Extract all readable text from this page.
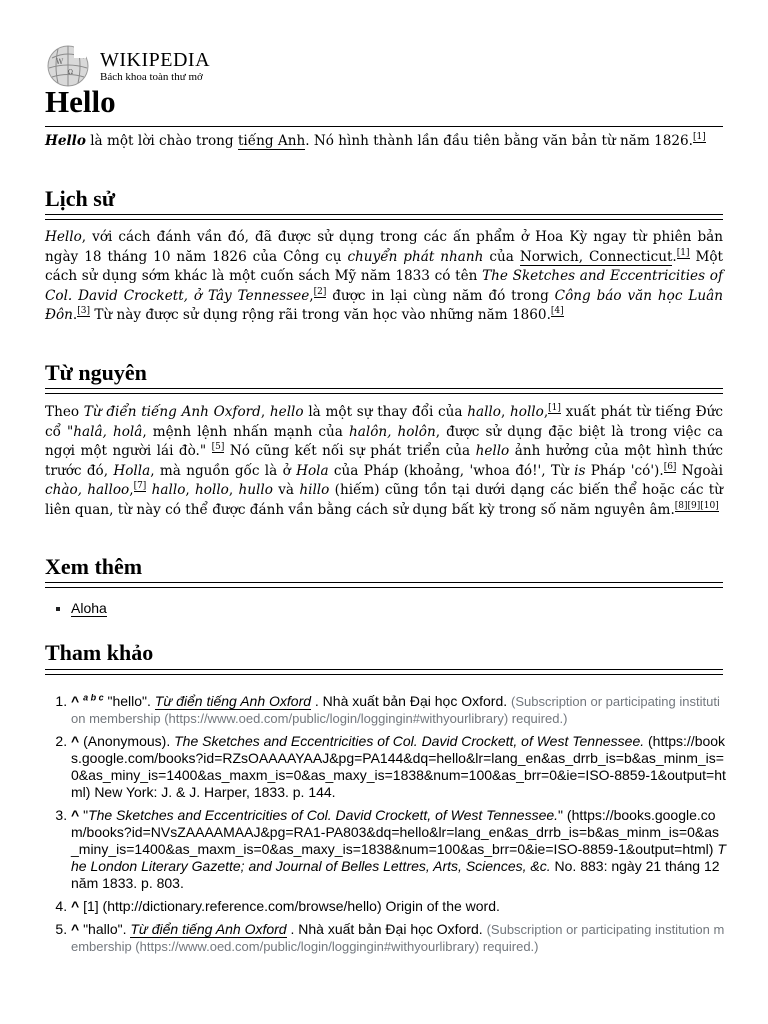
W
Ω
WIKIPEDIA
Bách khoa toàn thư mở
Hello

Hello là một lời chào trong tiếng Anh. Nó hình thành lần đầu tiên bằng văn bản từ năm 1826.[1]

Lịch sử

Hello, với cách đánh vần đó, đã được sử dụng trong các ấn phẩm ở Hoa Kỳ ngay từ phiên bản ngày 18 tháng 10 năm 1826 của Công cụ chuyển phát nhanh của Norwich, Connecticut.[1] Một cách sử dụng sớm khác là một cuốn sách Mỹ năm 1833 có tên The Sketches and Eccentricities of Col. David Crockett, ở Tây Tennessee,[2] được in lại cùng năm đó trong Công báo văn học Luân Đôn.[3] Từ này được sử dụng rộng rãi trong văn học vào những năm 1860.[4]

Từ nguyên

Theo Từ điển tiếng Anh Oxford, hello là một sự thay đổi của hallo, hollo,[1] xuất phát từ tiếng Đức cổ "halâ, holâ, mệnh lệnh nhấn mạnh của halôn, holôn, được sử dụng đặc biệt là trong việc ca ngợi một người lái đò." [5] Nó cũng kết nối sự phát triển của hello ảnh hưởng của một hình thức trước đó, Holla, mà nguồn gốc là ở Hola của Pháp (khoảng, 'whoa đó!', Từ is Pháp 'có').[6] Ngoài chào, halloo,[7] hallo, hollo, hullo và hillo (hiếm) cũng tồn tại dưới dạng các biến thể hoặc các từ liên quan, từ này có thể được đánh vần bằng cách sử dụng bất kỳ trong số năm nguyên âm.[8][9][10]

Xem thêm
▪ Aloha
Tham khảo
1. ^ $^{a b c}$ "hello". Từ điển tiếng Anh Oxford . Nhà xuất bản Đại học Oxford. (Subscription or participating institution membership (https://www.oed.com/public/login/loggingin#withyourlibrary) required.)
2. ^ (Anonymous). The Sketches and Eccentricities of Col. David Crockett, of West Tennessee. (https://books.google.com/books?id=RZsOAAAAYAAJ&pg=PA144&dq=hello&lr=lang_en&as_drrb_is=b&as_minm_is=0&as_miny_is=1400&as_maxm_is=0&as_maxy_is=1838&num=100&as_brr=0&ie=ISO-8859-1&output=html) New York: J. & J. Harper, 1833. p. 144.
3. ^ "The Sketches and Eccentricities of Col. David Crockett, of West Tennessee." (https://books.google.com/books?id=NVsZAAAAMAAJ&pg=RA1-PA803&dq=hello&lr=lang_en&as_drrb_is=b&as_minm_is=0&as_miny_is=1400&as_maxm_is=0&as_maxy_is=1838&num=100&as_brr=0&ie=ISO-8859-1&output=html) The London Literary Gazette; and Journal of Belles Lettres, Arts, Sciences, &c. No. 883: ngày 21 tháng 12 năm 1833. p. 803.
4. ^ [1] (http://dictionary.reference.com/browse/hello) Origin of the word.
5. ^ "hallo". Từ điển tiếng Anh Oxford . Nhà xuất bản Đại học Oxford. (Subscription or participating institution membership (https://www.oed.com/public/login/loggingin#withyourlibrary) required.)
